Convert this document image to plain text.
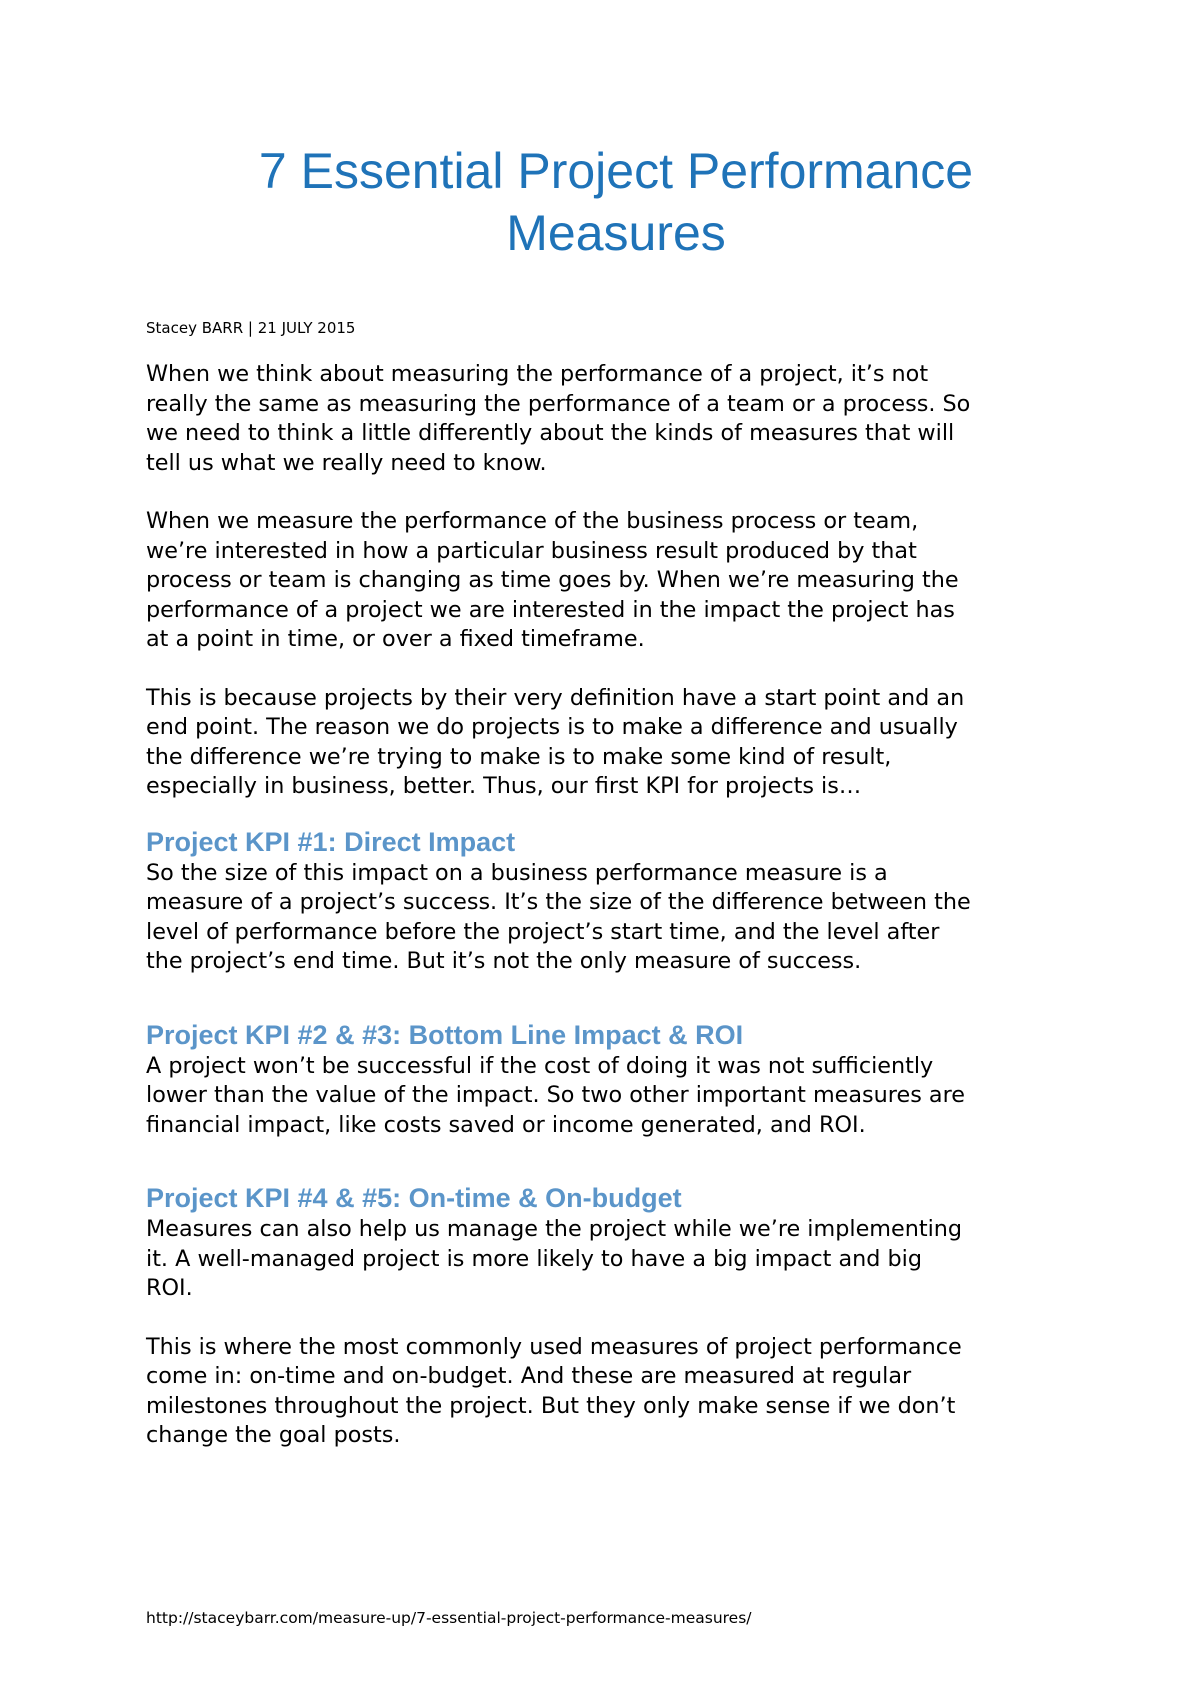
7 Essential Project Performance
Measures

Stacey BARR | 21 JULY 2015

When we think about measuring the performance of a project, it’s not
really the same as measuring the performance of a team or a process. So
we need to think a little differently about the kinds of measures that will
tell us what we really need to know.

When we measure the performance of the business process or team,
we’re interested in how a particular business result produced by that
process or team is changing as time goes by. When we’re measuring the
performance of a project we are interested in the impact the project has
at a point in time, or over a fixed timeframe.

This is because projects by their very definition have a start point and an
end point. The reason we do projects is to make a difference and usually
the difference we’re trying to make is to make some kind of result,
especially in business, better. Thus, our first KPI for projects is…

Project KPI #1: Direct Impact

So the size of this impact on a business performance measure is a
measure of a project’s success. It’s the size of the difference between the
level of performance before the project’s start time, and the level after
the project’s end time. But it’s not the only measure of success.

Project KPI #2 & #3: Bottom Line Impact & ROI

A project won’t be successful if the cost of doing it was not sufficiently
lower than the value of the impact. So two other important measures are
financial impact, like costs saved or income generated, and ROI.

Project KPI #4 & #5: On-time & On-budget

Measures can also help us manage the project while we’re implementing
it. A well-managed project is more likely to have a big impact and big
ROI.

This is where the most commonly used measures of project performance
come in: on-time and on-budget. And these are measured at regular
milestones throughout the project. But they only make sense if we don’t
change the goal posts.

http://staceybarr.com/measure-up/7-essential-project-performance-measures/
